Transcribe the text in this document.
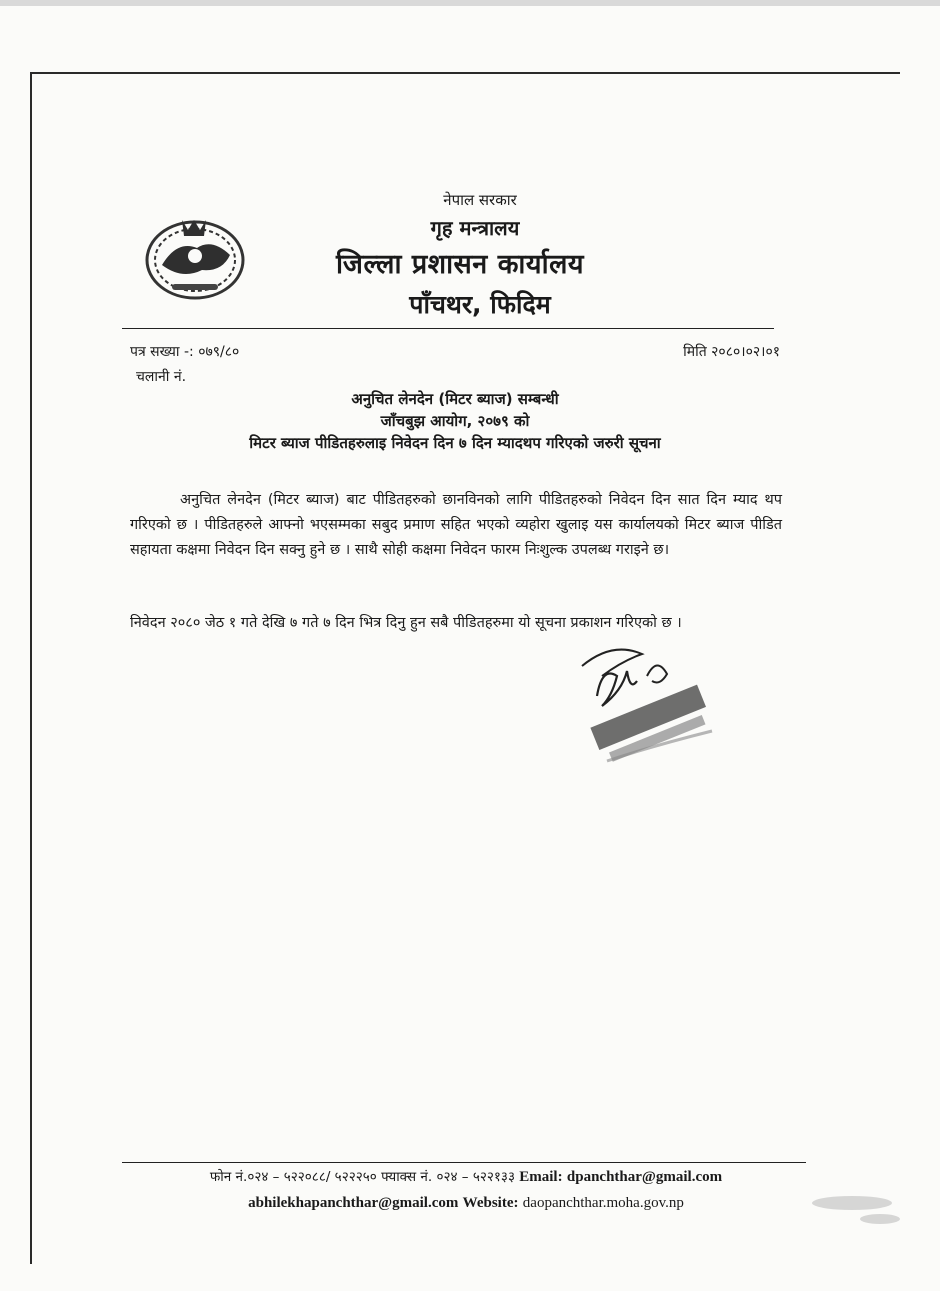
नेपाल सरकार
गृह मन्त्रालय
जिल्ला प्रशासन कार्यालय
पाँचथर, फिदिम
पत्र सख्या -: ०७९/८०	मिति २०८०।०२।०१
चलानी नं.
अनुचित लेनदेन (मिटर ब्याज) सम्बन्धी
जाँचबुझ आयोग, २०७९ को
मिटर ब्याज पीडितहरुलाइ निवेदन दिन ७ दिन म्यादथप गरिएको जरुरी सूचना
अनुचित लेनदेन (मिटर ब्याज) बाट पीडितहरुको छानविनको लागि पीडितहरुको निवेदन दिन सात दिन म्याद थप गरिएको छ । पीडितहरुले आफ्नो भएसम्मका सबुद प्रमाण सहित भएको व्यहोरा खुलाइ यस कार्यालयको मिटर ब्याज पीडित सहायता कक्षमा निवेदन दिन सक्नु हुने छ । साथै सोही कक्षमा निवेदन फारम निःशुल्क उपलब्ध गराइने छ।
निवेदन २०८० जेठ १ गते देखि ७ गते ७ दिन भित्र दिनु हुन सबै पीडितहरुमा यो सूचना प्रकाशन गरिएको छ ।
फोन नं.०२४ – ५२२०८८/ ५२२२५० फ्याक्स नं. ०२४ – ५२२१३३ Email: dpanchthar@gmail.com
abhilekhapanchthar@gmail.com Website: daopanchthar.moha.gov.np
